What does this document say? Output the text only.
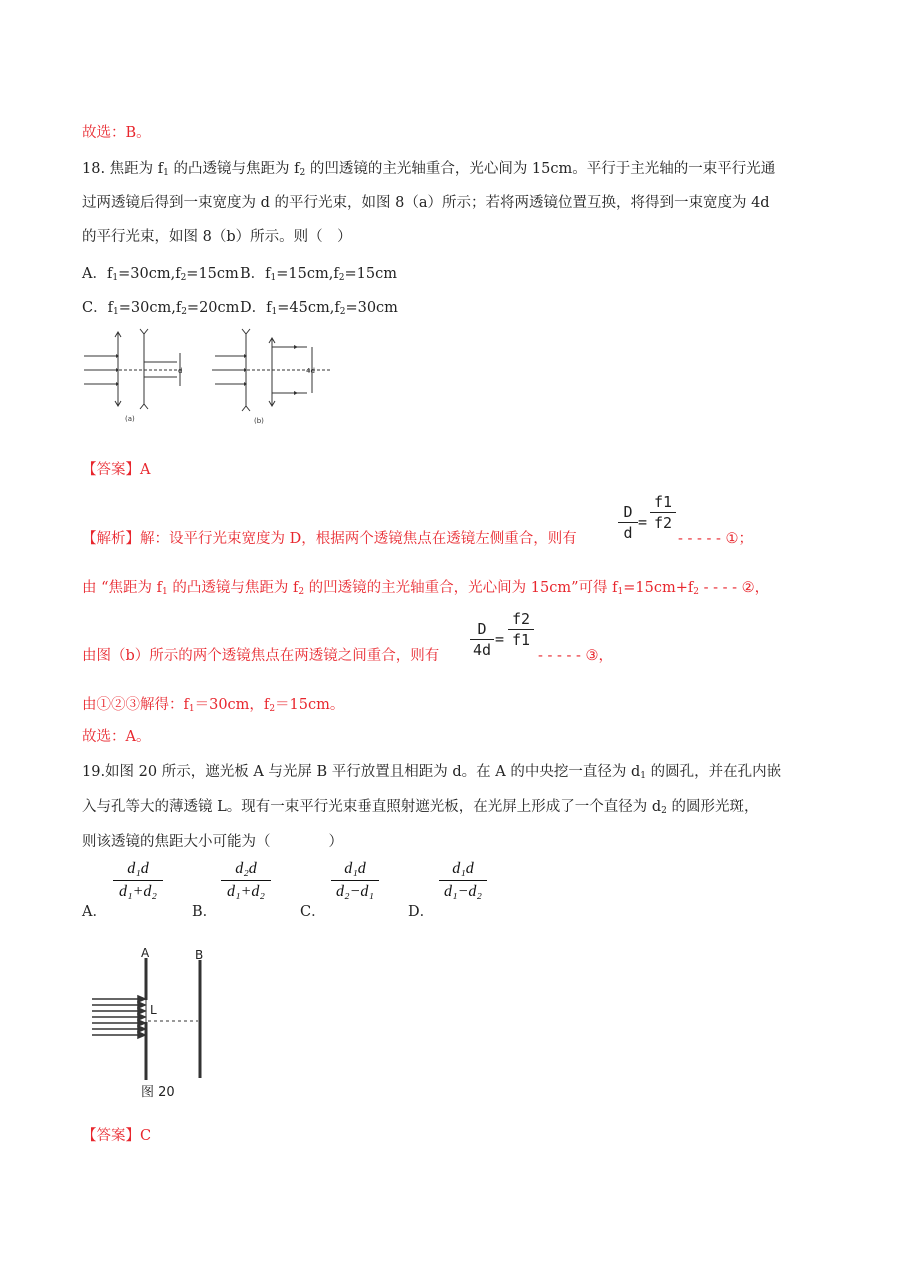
故选：B。
18. 焦距为 $f_1$ 的凸透镜与焦距为 $f_2$ 的凹透镜的主光轴重合，光心间为 15cm。平行于主光轴的一束平行光通
过两透镜后得到一束宽度为 d 的平行光束，如图 8（a）所示；若将两透镜位置互换，将得到一束宽度为 4d
的平行光束，如图 8（b）所示。则（　）
A．$f_1=30cm,f_2=15cm$ B．$f_1=15cm,f_2=15cm$
C．$f_1=30cm,f_2=20cm$ D．$f_1=45cm,f_2=30cm$
d	4d
(a)	(b)
【答案】A
【解析】解：设平行光束宽度为 D，根据两个透镜焦点在透镜左侧重合，则有
D
d
=
f1
f2
- - - - - ①；
由 “焦距为 $f_1$ 的凸透镜与焦距为 $f_2$ 的凹透镜的主光轴重合，光心间为 15cm”可得 $f_1=15cm+f_2$ - - - - ②，
由图（b）所示的两个透镜焦点在两透镜之间重合，则有
D
4d
=
f2
f1
- - - - - ③，
由①②③解得：$f_1=30cm$，$f_2=15cm$。
故选：A。
19.如图 20 所示，遮光板 A 与光屏 B 平行放置且相距为 d。在 A 的中央挖一直径为 $d_1$ 的圆孔，并在孔内嵌
入与孔等大的薄透镜 L。现有一束平行光束垂直照射遮光板，在光屏上形成了一个直径为 $d_2$ 的圆形光斑，
则该透镜的焦距大小可能为（　　　　）
A．
d₁d
d₁+d₂
B．
d₂d
d₁+d₂
C．
d₁d
d₂−d₁
D．
d₁d
d₁−d₂
A	B
L
图 20
【答案】C
